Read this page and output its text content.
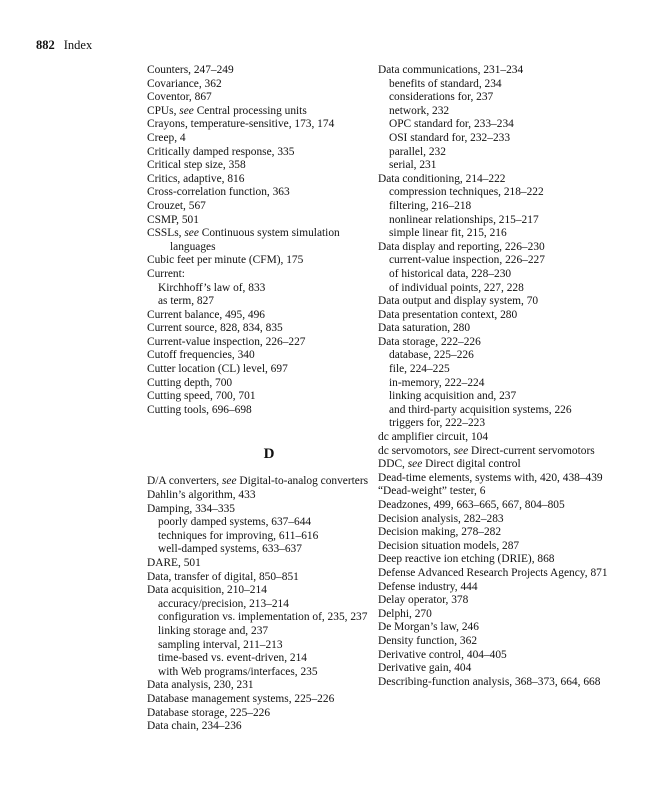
882 Index
Counters, 247–249
Covariance, 362
Coventor, 867
CPUs, see Central processing units
Crayons, temperature-sensitive, 173, 174
Creep, 4
Critically damped response, 335
Critical step size, 358
Critics, adaptive, 816
Cross-correlation function, 363
Crouzet, 567
CSMP, 501
CSSLs, see Continuous system simulation languages
Cubic feet per minute (CFM), 175
Current:
Kirchhoff’s law of, 833
as term, 827
Current balance, 495, 496
Current source, 828, 834, 835
Current-value inspection, 226–227
Cutoff frequencies, 340
Cutter location (CL) level, 697
Cutting depth, 700
Cutting speed, 700, 701
Cutting tools, 696–698
D
D/A converters, see Digital-to-analog converters
Dahlin’s algorithm, 433
Damping, 334–335
poorly damped systems, 637–644
techniques for improving, 611–616
well-damped systems, 633–637
DARE, 501
Data, transfer of digital, 850–851
Data acquisition, 210–214
accuracy/precision, 213–214
configuration vs. implementation of, 235, 237
linking storage and, 237
sampling interval, 211–213
time-based vs. event-driven, 214
with Web programs/interfaces, 235
Data analysis, 230, 231
Database management systems, 225–226
Database storage, 225–226
Data chain, 234–236
Data communications, 231–234
benefits of standard, 234
considerations for, 237
network, 232
OPC standard for, 233–234
OSI standard for, 232–233
parallel, 232
serial, 231
Data conditioning, 214–222
compression techniques, 218–222
filtering, 216–218
nonlinear relationships, 215–217
simple linear fit, 215, 216
Data display and reporting, 226–230
current-value inspection, 226–227
of historical data, 228–230
of individual points, 227, 228
Data output and display system, 70
Data presentation context, 280
Data saturation, 280
Data storage, 222–226
database, 225–226
file, 224–225
in-memory, 222–224
linking acquisition and, 237
and third-party acquisition systems, 226
triggers for, 222–223
dc amplifier circuit, 104
dc servomotors, see Direct-current servomotors
DDC, see Direct digital control
Dead-time elements, systems with, 420, 438–439
“Dead-weight” tester, 6
Deadzones, 499, 663–665, 667, 804–805
Decision analysis, 282–283
Decision making, 278–282
Decision situation models, 287
Deep reactive ion etching (DRIE), 868
Defense Advanced Research Projects Agency, 871
Defense industry, 444
Delay operator, 378
Delphi, 270
De Morgan’s law, 246
Density function, 362
Derivative control, 404–405
Derivative gain, 404
Describing-function analysis, 368–373, 664, 668
